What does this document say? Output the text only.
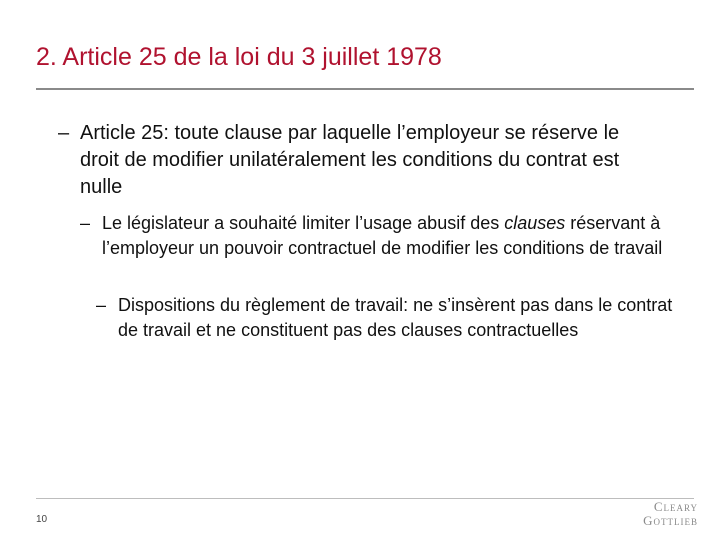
2. Article 25 de la loi du 3 juillet 1978
– Article 25: toute clause par laquelle l’employeur se réserve le droit de modifier unilatéralement les conditions du contrat est nulle
– Le législateur a souhaité limiter l’usage abusif des clauses réservant à l’employeur un pouvoir contractuel de modifier les conditions de travail
– Dispositions du règlement de travail: ne s’insèrent pas dans le contrat de travail et ne constituent pas des clauses contractuelles
10
Cleary
Gottlieb
